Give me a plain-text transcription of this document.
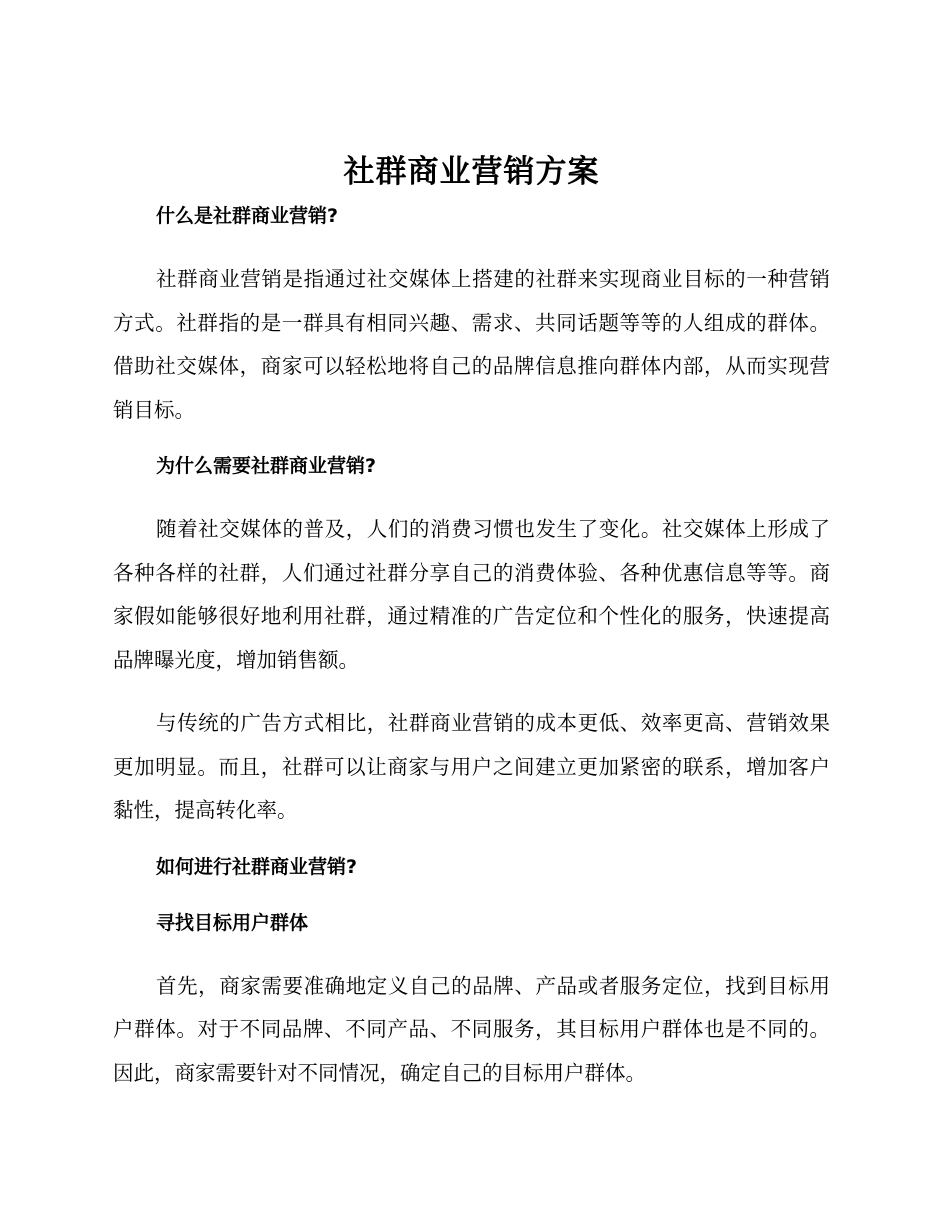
社群商业营销方案
什么是社群商业营销?

社群商业营销是指通过社交媒体上搭建的社群来实现商业目标的一种营销方式。社群指的是一群具有相同兴趣、需求、共同话题等等的人组成的群体。借助社交媒体，商家可以轻松地将自己的品牌信息推向群体内部，从而实现营销目标。

为什么需要社群商业营销?

随着社交媒体的普及，人们的消费习惯也发生了变化。社交媒体上形成了各种各样的社群，人们通过社群分享自己的消费体验、各种优惠信息等等。商家假如能够很好地利用社群，通过精准的广告定位和个性化的服务，快速提高品牌曝光度，增加销售额。

与传统的广告方式相比，社群商业营销的成本更低、效率更高、营销效果更加明显。而且，社群可以让商家与用户之间建立更加紧密的联系，增加客户黏性，提高转化率。

如何进行社群商业营销?
寻找目标用户群体

首先，商家需要准确地定义自己的品牌、产品或者服务定位，找到目标用户群体。对于不同品牌、不同产品、不同服务，其目标用户群体也是不同的。因此，商家需要针对不同情况，确定自己的目标用户群体。
